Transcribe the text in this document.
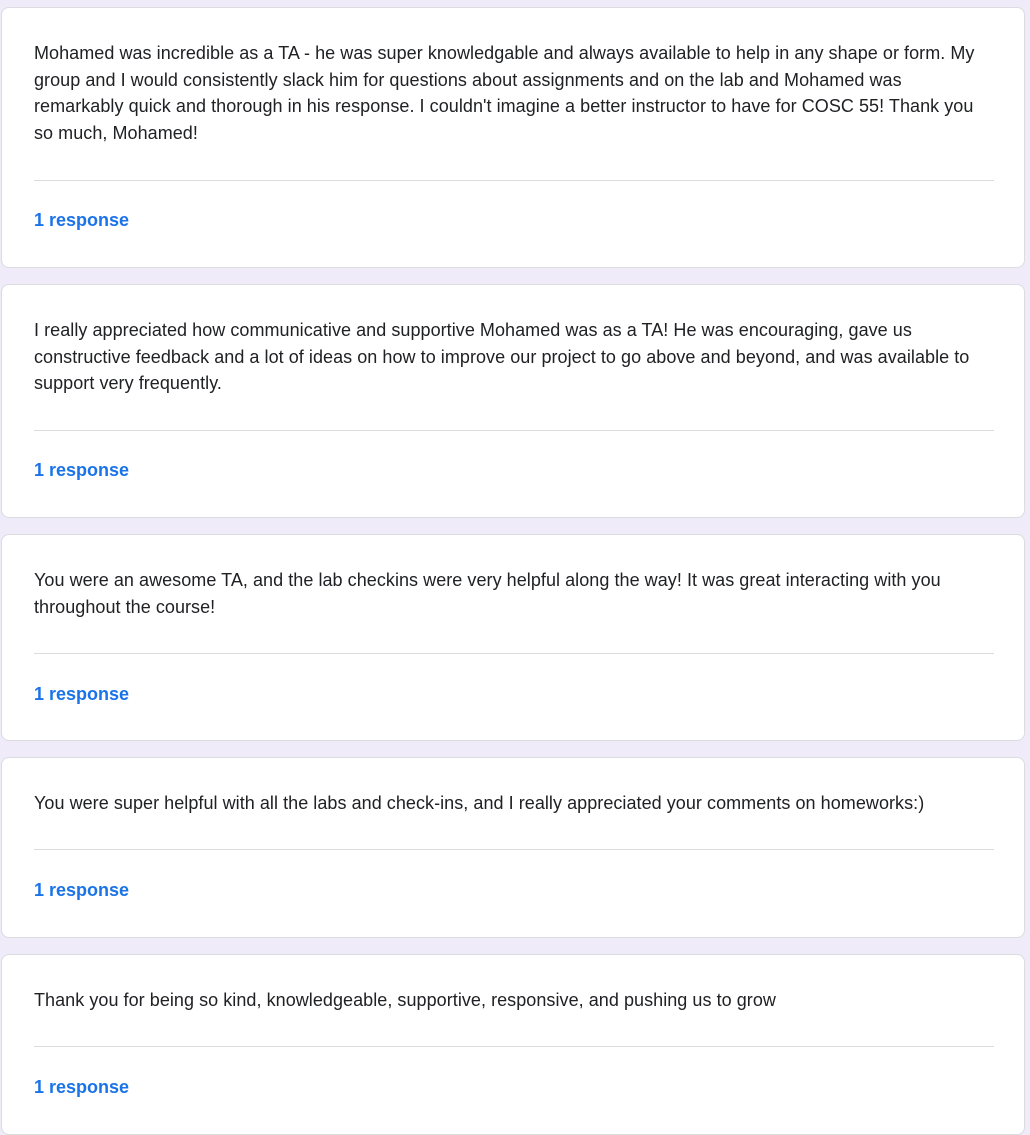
Mohamed was incredible as a TA - he was super knowledgable and always available to help in any shape or form. My group and I would consistently slack him for questions about assignments and on the lab and Mohamed was remarkably quick and thorough in his response. I couldn't imagine a better instructor to have for COSC 55! Thank you so much, Mohamed!

1 response

I really appreciated how communicative and supportive Mohamed was as a TA! He was encouraging, gave us constructive feedback and a lot of ideas on how to improve our project to go above and beyond, and was available to support very frequently.

1 response

You were an awesome TA, and the lab checkins were very helpful along the way! It was great interacting with you throughout the course!

1 response

You were super helpful with all the labs and check-ins, and I really appreciated your comments on homeworks:)

1 response

Thank you for being so kind, knowledgeable, supportive, responsive, and pushing us to grow

1 response
